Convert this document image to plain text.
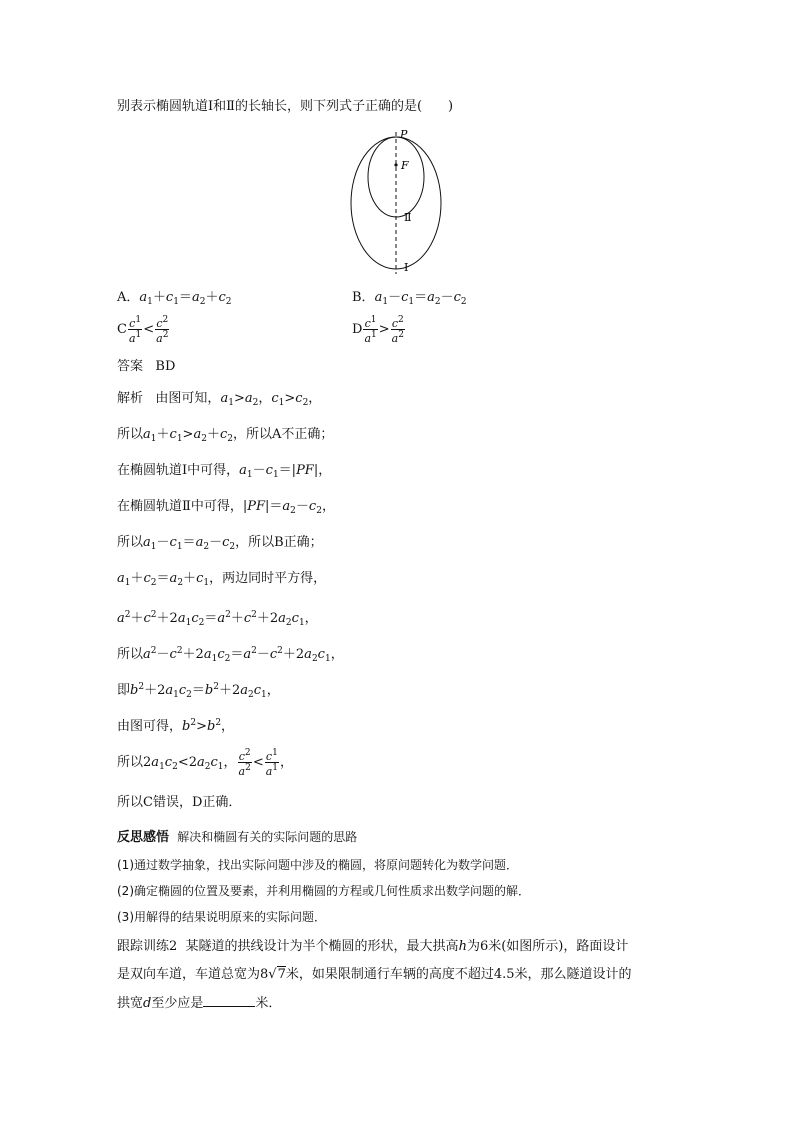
别表示椭圆轨道Ⅰ和Ⅱ的长轴长，则下列式子正确的是(　　)
P
F
Ⅱ
Ⅰ
A．$a_1+c_1=a_2+c_2$	B．$a_1-c_1=a_2-c_2$
C $\frac{c^1}{a^1} < \frac{c^2}{a^2}$	D $\frac{c^1}{a^1} > \frac{c^2}{a^2}$
答案 BD
解析 由图可知，$a_1>a_2$，$c_1>c_2$，
所以$a_1+c_1>a_2+c_2$，所以A不正确；
在椭圆轨道Ⅰ中可得，$a_1-c_1=|PF|$，
在椭圆轨道Ⅱ中可得，$|PF|=a_2-c_2$，
所以$a_1-c_1=a_2-c_2$，所以B正确；
$a_1+c_2=a_2+c_1$，两边同时平方得，
$a^2+c^2+2a_1c_2=a^2+c^2+2a_2c_1$，
所以$a^2-c^2+2a_1c_2=a^2-c^2+2a_2c_1$，
即$b^2+2a_1c_2=b^2+2a_2c_1$，
由图可得，$b^2>b^2$，
所以$2a_1c_2<2a_2c_1$， $\frac{c^2}{a^2} < \frac{c^1}{a^1}$ ，
所以C错误，D正确．
反思感悟 解决和椭圆有关的实际问题的思路
(1)通过数学抽象，找出实际问题中涉及的椭圆，将原问题转化为数学问题．
(2)确定椭圆的位置及要素，并利用椭圆的方程或几何性质求出数学问题的解．
(3)用解得的结果说明原来的实际问题．
跟踪训练2 某隧道的拱线设计为半个椭圆的形状，最大拱高h为6米(如图所示)，路面设计
是双向车道，车道总宽为8√7米，如果限制通行车辆的高度不超过4.5米，那么隧道设计的
拱宽d至少应是	米．
